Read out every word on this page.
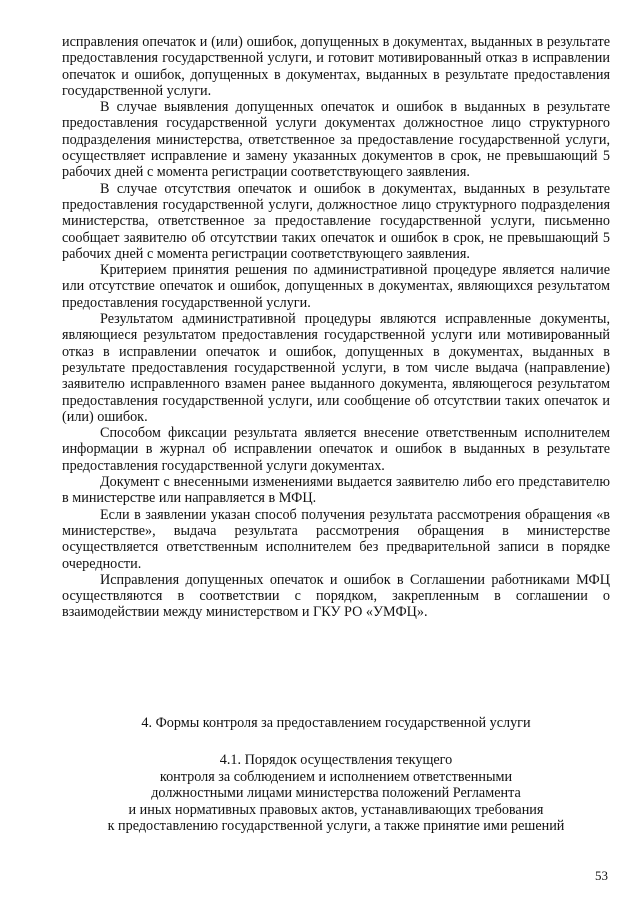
исправления опечаток и (или) ошибок, допущенных в документах, выданных в результате предоставления государственной услуги, и готовит мотивированный отказ в исправлении опечаток и ошибок, допущенных в документах, выданных в результате предоставления государственной услуги.

В случае выявления допущенных опечаток и ошибок в выданных в результате предоставления государственной услуги документах должностное лицо структурного подразделения министерства, ответственное за предоставление государственной услуги, осуществляет исправление и замену указанных документов в срок, не превышающий 5 рабочих дней с момента регистрации соответствующего заявления.

В случае отсутствия опечаток и ошибок в документах, выданных в результате предоставления государственной услуги, должностное лицо структурного подразделения министерства, ответственное за предоставление государственной услуги, письменно сообщает заявителю об отсутствии таких опечаток и ошибок в срок, не превышающий 5 рабочих дней с момента регистрации соответствующего заявления.

Критерием принятия решения по административной процедуре является наличие или отсутствие опечаток и ошибок, допущенных в документах, являющихся результатом предоставления государственной услуги.

Результатом административной процедуры являются исправленные документы, являющиеся результатом предоставления государственной услуги или мотивированный отказ в исправлении опечаток и ошибок, допущенных в документах, выданных в результате предоставления государственной услуги, в том числе выдача (направление) заявителю исправленного взамен ранее выданного документа, являющегося результатом предоставления государственной услуги, или сообщение об отсутствии таких опечаток и (или) ошибок.

Способом фиксации результата является внесение ответственным исполнителем информации в журнал об исправлении опечаток и ошибок в выданных в результате предоставления государственной услуги документах.

Документ с внесенными изменениями выдается заявителю либо его представителю в министерстве или направляется в МФЦ.

Если в заявлении указан способ получения результата рассмотрения обращения «в министерстве», выдача результата рассмотрения обращения в министерстве осуществляется ответственным исполнителем без предварительной записи в порядке очередности.

Исправления допущенных опечаток и ошибок в Соглашении работниками МФЦ осуществляются в соответствии с порядком, закрепленным в соглашении о взаимодействии между министерством и ГКУ РО «УМФЦ».

4. Формы контроля за предоставлением государственной услуги
4.1. Порядок осуществления текущего
контроля за соблюдением и исполнением ответственными
должностными лицами министерства положений Регламента
и иных нормативных правовых актов, устанавливающих требования
к предоставлению государственной услуги, а также принятие ими решений
53
